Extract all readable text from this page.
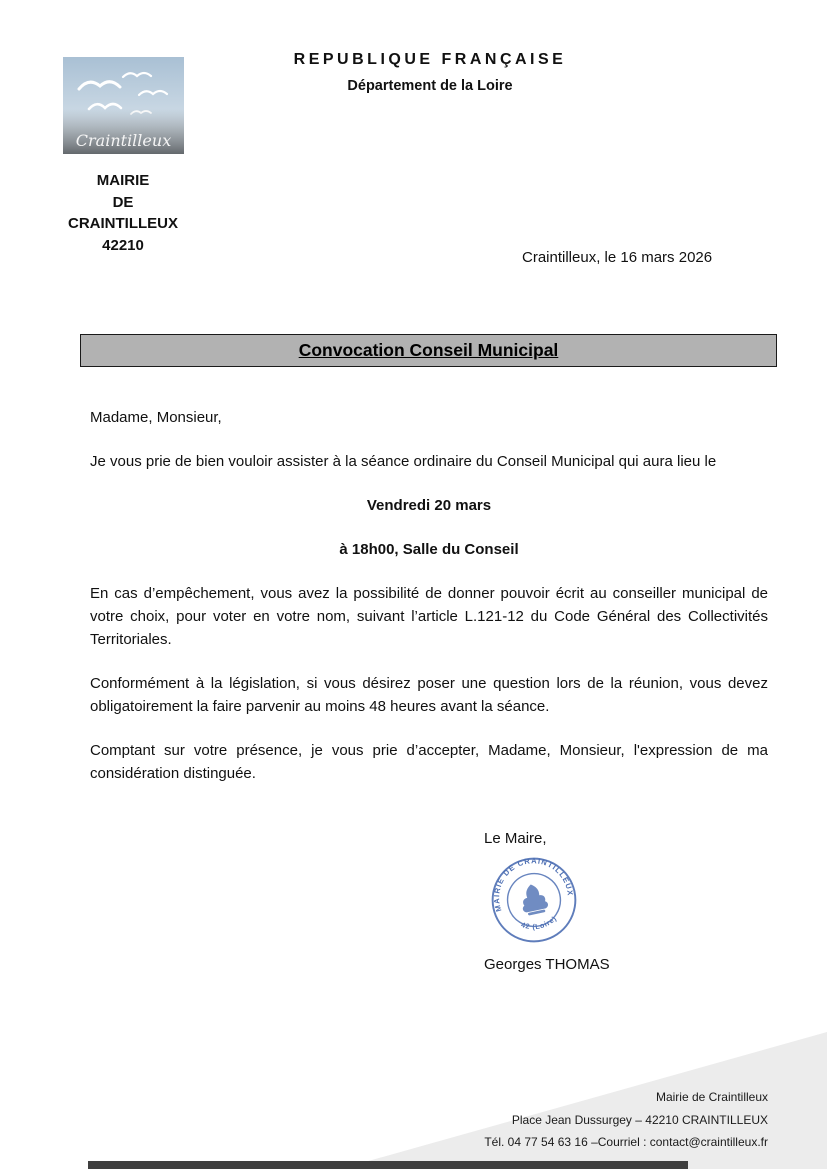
Craintilleux
MAIRIE
DE
CRAINTILLEUX
42210
REPUBLIQUE FRANÇAISE
Département de la Loire
Craintilleux, le 16 mars 2026
Convocation Conseil Municipal

Madame, Monsieur,

Je vous prie de bien vouloir assister à la séance ordinaire du Conseil Municipal qui aura lieu le

Vendredi 20 mars

à 18h00, Salle du Conseil

En cas d’empêchement, vous avez la possibilité de donner pouvoir écrit au conseiller municipal de votre choix, pour voter en votre nom, suivant l’article L.121-12 du Code Général des Collectivités Territoriales.

Conformément à la législation, si vous désirez poser une question lors de la réunion, vous devez obligatoirement la faire parvenir au moins 48 heures avant la séance.

Comptant sur votre présence, je vous prie d’accepter, Madame, Monsieur, l'expression de ma considération distinguée.

Le Maire,
MAIRIE DE CRAINTILLEUX
42 (Loire)
Georges THOMAS
Mairie de Craintilleux
Place Jean Dussurgey – 42210 CRAINTILLEUX
Tél. 04 77 54 63 16 –Courriel : contact@craintilleux.fr
